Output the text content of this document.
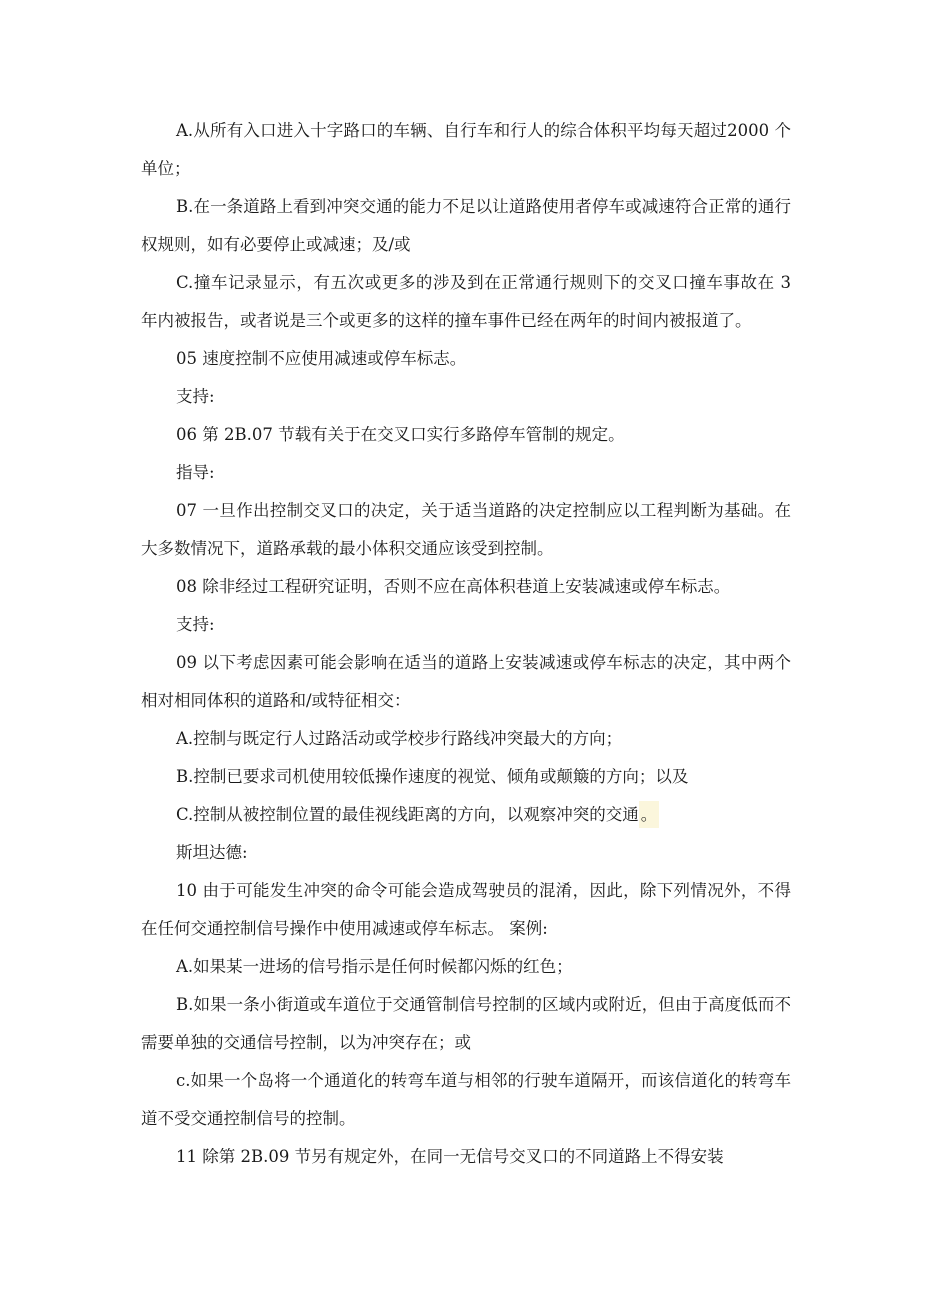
A.从所有入口进入十字路口的车辆、自行车和行人的综合体积平均每天超过2000 个单位；

B.在一条道路上看到冲突交通的能力不足以让道路使用者停车或减速符合正常的通行权规则，如有必要停止或减速；及/或

C.撞车记录显示，有五次或更多的涉及到在正常通行规则下的交叉口撞车事故在 3 年内被报告，或者说是三个或更多的这样的撞车事件已经在两年的时间内被报道了。

05 速度控制不应使用减速或停车标志。

支持:

06 第 2B.07 节载有关于在交叉口实行多路停车管制的规定。

指导:

07 一旦作出控制交叉口的决定，关于适当道路的决定控制应以工程判断为基础。在大多数情况下，道路承载的最小体积交通应该受到控制。

08 除非经过工程研究证明，否则不应在高体积巷道上安装减速或停车标志。

支持:

09 以下考虑因素可能会影响在适当的道路上安装减速或停车标志的决定，其中两个相对相同体积的道路和/或特征相交：

A.控制与既定行人过路活动或学校步行路线冲突最大的方向；

B.控制已要求司机使用较低操作速度的视觉、倾角或颠簸的方向；以及

C.控制从被控制位置的最佳视线距离的方向，以观察冲突的交通 。

斯坦达德:

10 由于可能发生冲突的命令可能会造成驾驶员的混淆，因此，除下列情况外，不得在任何交通控制信号操作中使用减速或停车标志。 案例:

A.如果某一进场的信号指示是任何时候都闪烁的红色；

B.如果一条小街道或车道位于交通管制信号控制的区域内或附近，但由于高度低而不需要单独的交通信号控制，以为冲突存在；或

c.如果一个岛将一个通道化的转弯车道与相邻的行驶车道隔开，而该信道化的转弯车道不受交通控制信号的控制。

11 除第 2B.09 节另有规定外，在同一无信号交叉口的不同道路上不得安装
